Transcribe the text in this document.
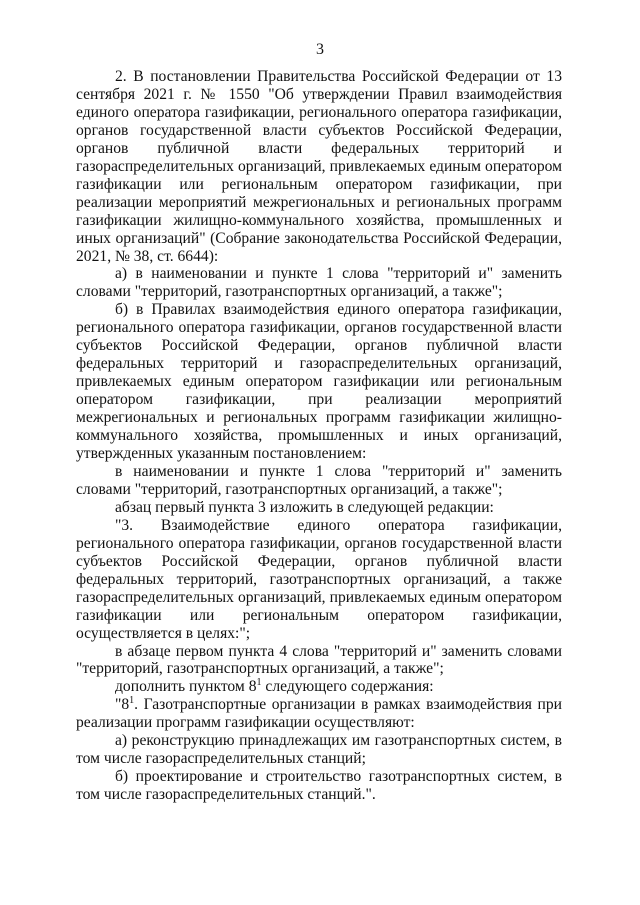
3

2. В постановлении Правительства Российской Федерации от 13 сентября 2021 г. № 1550 "Об утверждении Правил взаимодействия единого оператора газификации, регионального оператора газификации, органов государственной власти субъектов Российской Федерации, органов публичной власти федеральных территорий и газораспределительных организаций, привлекаемых единым оператором газификации или региональным оператором газификации, при реализации мероприятий межрегиональных и региональных программ газификации жилищно-коммунального хозяйства, промышленных и иных организаций" (Собрание законодательства Российской Федерации, 2021, № 38, ст. 6644):

а) в наименовании и пункте 1 слова "территорий и" заменить словами "территорий, газотранспортных организаций, а также";

б) в Правилах взаимодействия единого оператора газификации, регионального оператора газификации, органов государственной власти субъектов Российской Федерации, органов публичной власти федеральных территорий и газораспределительных организаций, привлекаемых единым оператором газификации или региональным оператором газификации, при реализации мероприятий межрегиональных и региональных программ газификации жилищно-коммунального хозяйства, промышленных и иных организаций, утвержденных указанным постановлением:

в наименовании и пункте 1 слова "территорий и" заменить словами "территорий, газотранспортных организаций, а также";

абзац первый пункта 3 изложить в следующей редакции:

"3. Взаимодействие единого оператора газификации, регионального оператора газификации, органов государственной власти субъектов Российской Федерации, органов публичной власти федеральных территорий, газотранспортных организаций, а также газораспределительных организаций, привлекаемых единым оператором газификации или региональным оператором газификации, осуществляется в целях:";

в абзаце первом пункта 4 слова "территорий и" заменить словами "территорий, газотранспортных организаций, а также";

дополнить пунктом $8^1$ следующего содержания:

"$8^1$. Газотранспортные организации в рамках взаимодействия при реализации программ газификации осуществляют:

а) реконструкцию принадлежащих им газотранспортных систем, в том числе газораспределительных станций;

б) проектирование и строительство газотранспортных систем, в том числе газораспределительных станций.".
